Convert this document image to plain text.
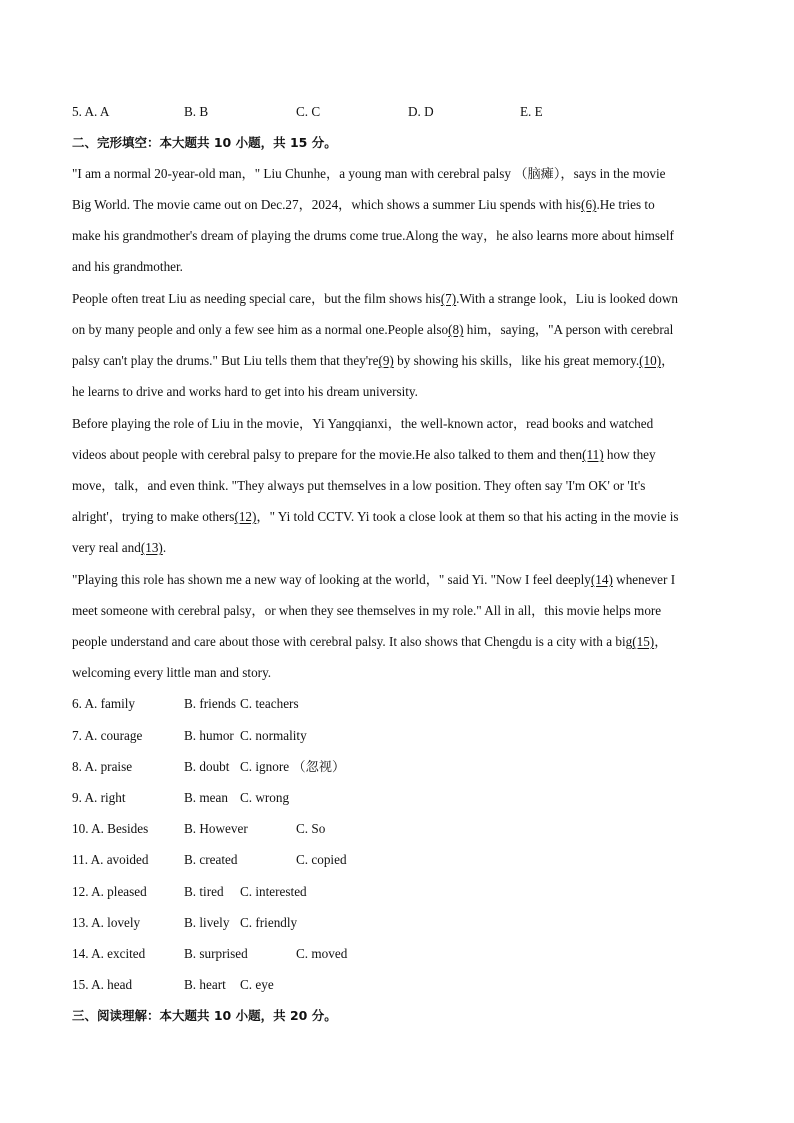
5. A. A	B. B	C. C	D. D	E. E
二、完形填空：本大题共 10 小题，共 15 分。
"I am a normal 20-year-old man，" Liu Chunhe，a young man with cerebral palsy （脑瘫），says in the movie
Big World. The movie came out on Dec.27，2024，which shows a summer Liu spends with his(6).He tries to
make his grandmother's dream of playing the drums come true.Along the way，he also learns more about himself
and his grandmother.
People often treat Liu as needing special care，but the film shows his(7).With a strange look，Liu is looked down
on by many people and only a few see him as a normal one.People also(8) him，saying，"A person with cerebral
palsy can't play the drums." But Liu tells them that they're(9) by showing his skills，like his great memory.(10)，
he learns to drive and works hard to get into his dream university.
Before playing the role of Liu in the movie，Yi Yangqianxi，the well-known actor，read books and watched
videos about people with cerebral palsy to prepare for the movie.He also talked to them and then(11) how they
move，talk，and even think. "They always put themselves in a low position. They often say 'I'm OK' or 'It's
alright'，trying to make others(12)，" Yi told CCTV. Yi took a close look at them so that his acting in the movie is
very real and(13).
"Playing this role has shown me a new way of looking at the world，" said Yi. "Now I feel deeply(14) whenever I
meet someone with cerebral palsy，or when they see themselves in my role." All in all，this movie helps more
people understand and care about those with cerebral palsy. It also shows that Chengdu is a city with a big(15)，
welcoming every little man and story.
6. A. family	B. friends C. teachers
7. A. courage	B. humor C. normality
8. A. praise	B. doubt C. ignore （忽视）
9. A. right	B. mean C. wrong
10. A. Besides	B. However	C. So
11. A. avoided	B. created	C. copied
12. A. pleased	B. tired C. interested
13. A. lovely	B. lively C. friendly
14. A. excited	B. surprised	C. moved
15. A. head	B. heart C. eye
三、阅读理解：本大题共 10 小题，共 20 分。
